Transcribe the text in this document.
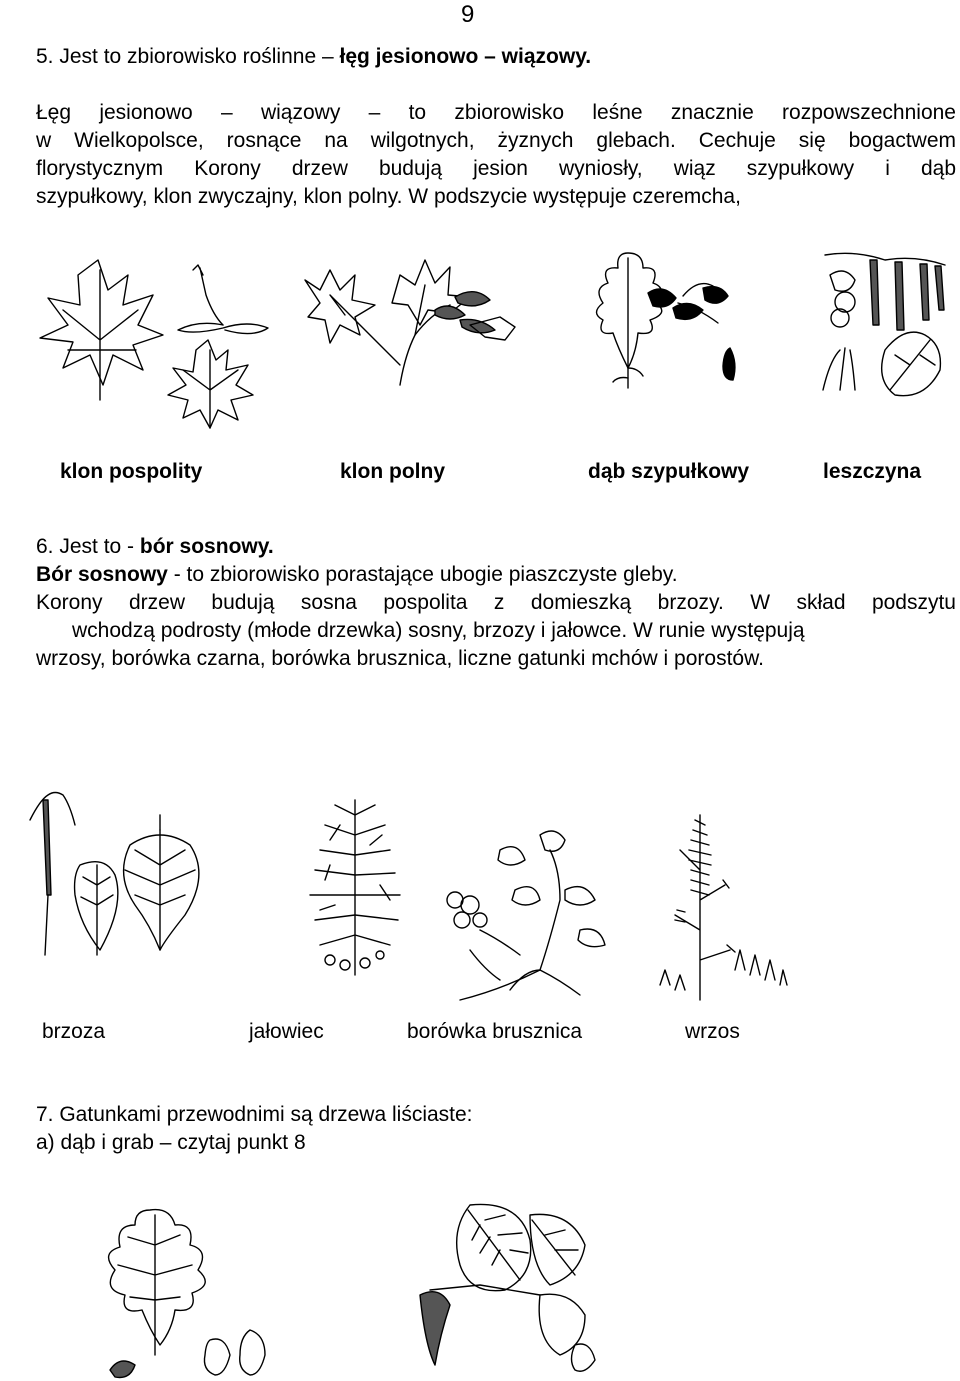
9
5. Jest to zbiorowisko roślinne – łęg jesionowo – wiązowy.
Łęg jesionowo – wiązowy – to zbiorowisko leśne znacznie rozpowszechnione
w Wielkopolsce, rosnące na wilgotnych, żyznych glebach. Cechuje się bogactwem
florystycznym Korony drzew budują jesion wyniosły, wiąz szypułkowy i dąb
szypułkowy, klon zwyczajny, klon polny. W podszycie występuje czeremcha,
klon pospolity	klon polny	dąb szypułkowy	leszczyna
6. Jest to - bór sosnowy.
Bór sosnowy - to zbiorowisko porastające ubogie piaszczyste gleby.
Korony drzew budują sosna pospolita z domieszką brzozy. W skład podszytu
wchodzą podrosty (młode drzewka) sosny, brzozy i jałowce. W runie występują
wrzosy, borówka czarna, borówka brusznica, liczne gatunki mchów i porostów.
brzoza	jałowiec	borówka brusznica	wrzos
7. Gatunkami przewodnimi są drzewa liściaste:
a) dąb i grab – czytaj punkt 8
